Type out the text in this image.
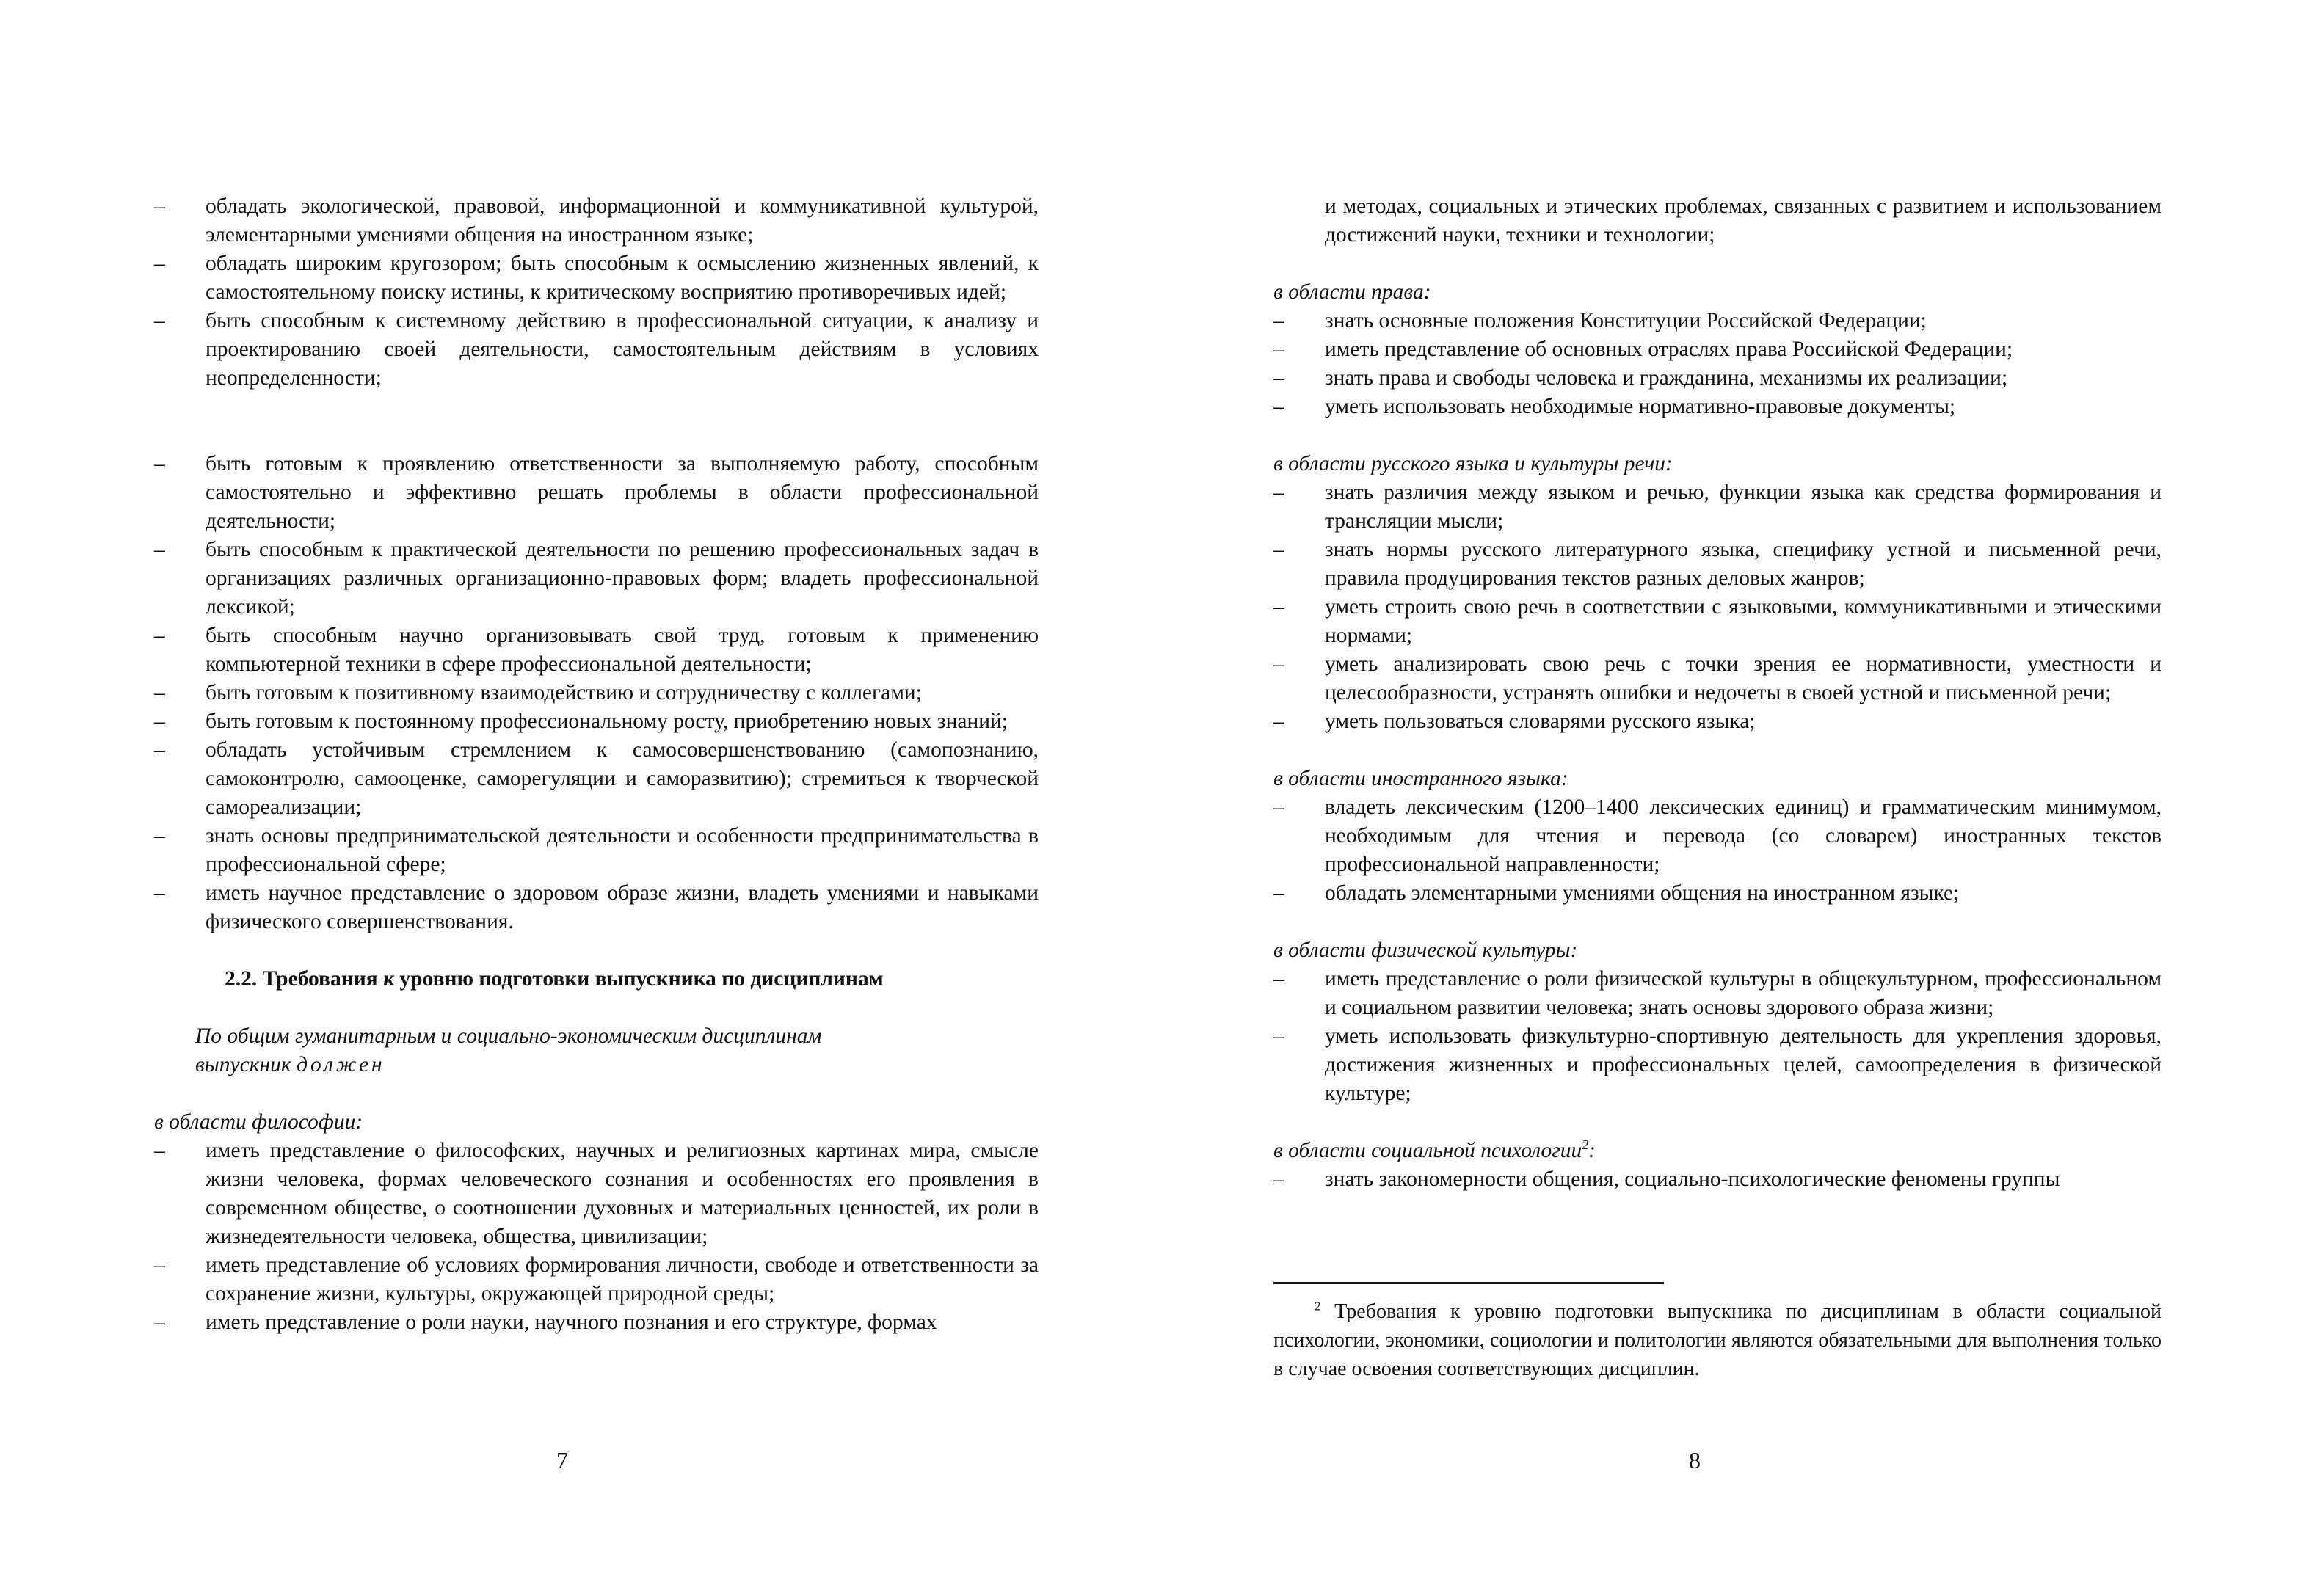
–	обладать экологической, правовой, информационной и коммуникативной культурой, элементарными умениями общения на иностранном языке;
–	обладать широким кругозором; быть способным к осмыслению жизненных явлений, к самостоятельному поиску истины, к критическому восприятию противоречивых идей;
–	быть способным к системному действию в профессиональной ситуации, к анализу и проектированию своей деятельности, самостоятельным действиям в условиях неопределенности;
–	быть готовым к проявлению ответственности за выполняемую работу, способным самостоятельно и эффективно решать проблемы в области профессиональной деятельности;
–	быть способным к практической деятельности по решению профессиональных задач в организациях различных организационно-правовых форм; владеть профессиональной лексикой;
–	быть способным научно организовывать свой труд, готовым к применению компьютерной техники в сфере профессиональной деятельности;
–	быть готовым к позитивному взаимодействию и сотрудничеству с коллегами;
–	быть готовым к постоянному профессиональному росту, приобретению новых знаний;
–	обладать устойчивым стремлением к самосовершенствованию (самопознанию, самоконтролю, самооценке, саморегуляции и саморазвитию); стремиться к творческой самореализации;
–	знать основы предпринимательской деятельности и особенности предпринимательства в профессиональной сфере;
–	иметь научное представление о здоровом образе жизни, владеть умениями и навыками физического совершенствования.
2.2. Требования к уровню подготовки выпускника по дисциплинам
По общим гуманитарным и социально-экономическим дисциплинам
выпускник должен
в области философии:
–	иметь представление о философских, научных и религиозных картинах мира, смысле жизни человека, формах человеческого сознания и особенностях его проявления в современном обществе, о соотношении духовных и материальных ценностей, их роли в жизнедеятельности человека, общества, цивилизации;
–	иметь представление об условиях формирования личности, свободе и ответственности за сохранение жизни, культуры, окружающей природной среды;
–	иметь представление о роли науки, научного познания и его структуре, формах
7
и методах, социальных и этических проблемах, связанных с развитием и использованием достижений науки, техники и технологии;
в области права:
–	знать основные положения Конституции Российской Федерации;
–	иметь представление об основных отраслях права Российской Федерации;
–	знать права и свободы человека и гражданина, механизмы их реализации;
–	уметь использовать необходимые нормативно-правовые документы;
в области русского языка и культуры речи:
–	знать различия между языком и речью, функции языка как средства формирования и трансляции мысли;
–	знать нормы русского литературного языка, специфику устной и письменной речи, правила продуцирования текстов разных деловых жанров;
–	уметь строить свою речь в соответствии с языковыми, коммуникативными и этическими нормами;
–	уметь анализировать свою речь с точки зрения ее нормативности, уместности и целесообразности, устранять ошибки и недочеты в своей устной и письменной речи;
–	уметь пользоваться словарями русского языка;
в области иностранного языка:
–	владеть лексическим (1200–1400 лексических единиц) и грамматическим минимумом, необходимым для чтения и перевода (со словарем) иностранных текстов профессиональной направленности;
–	обладать элементарными умениями общения на иностранном языке;
в области физической культуры:
–	иметь представление о роли физической культуры в общекультурном, профессиональном и социальном развитии человека; знать основы здорового образа жизни;
–	уметь использовать физкультурно-спортивную деятельность для укрепления здоровья, достижения жизненных и профессиональных целей, самоопределения в физической культуре;
в области социальной психологии$^2$:
–	знать закономерности общения, социально-психологические феномены группы
$^2$ Требования к уровню подготовки выпускника по дисциплинам в области социальной психологии, экономики, социологии и политологии являются обязательными для выполнения только в случае освоения соответствующих дисциплин.
8
